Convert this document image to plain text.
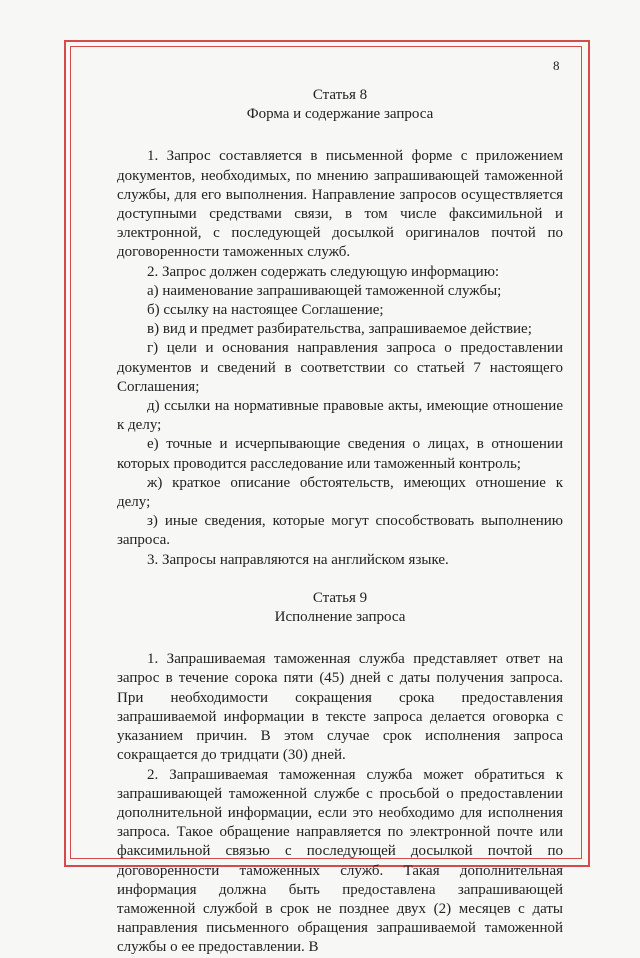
8

Статья 8

Форма и содержание запроса

1. Запрос составляется в письменной форме с приложением документов, необходимых, по мнению запрашивающей таможенной службы, для его выполнения. Направление запросов осуществляется доступными средствами связи, в том числе факсимильной и электронной, с последующей досылкой оригиналов почтой по договоренности таможенных служб.

2. Запрос должен содержать следующую информацию:

а) наименование запрашивающей таможенной службы;

б) ссылку на настоящее Соглашение;

в) вид и предмет разбирательства, запрашиваемое действие;

г) цели и основания направления запроса о предоставлении документов и сведений в соответствии со статьей 7 настоящего Соглашения;

д) ссылки на нормативные правовые акты, имеющие отношение к делу;

е) точные и исчерпывающие сведения о лицах, в отношении которых проводится расследование или таможенный контроль;

ж) краткое описание обстоятельств, имеющих отношение к делу;

з) иные сведения, которые могут способствовать выполнению запроса.

3. Запросы направляются на английском языке.

Статья 9

Исполнение запроса

1. Запрашиваемая таможенная служба представляет ответ на запрос в течение сорока пяти (45) дней с даты получения запроса. При необходимости сокращения срока предоставления запрашиваемой информации в тексте запроса делается оговорка с указанием причин. В этом случае срок исполнения запроса сокращается до тридцати (30) дней.

2. Запрашиваемая таможенная служба может обратиться к запрашивающей таможенной службе с просьбой о предоставлении дополнительной информации, если это необходимо для исполнения запроса. Такое обращение направляется по электронной почте или факсимильной связью с последующей досылкой почтой по договоренности таможенных служб. Такая дополнительная информация должна быть предоставлена запрашивающей таможенной службой в срок не позднее двух (2) месяцев с даты направления письменного обращения запрашиваемой таможенной службы о ее предоставлении. В
